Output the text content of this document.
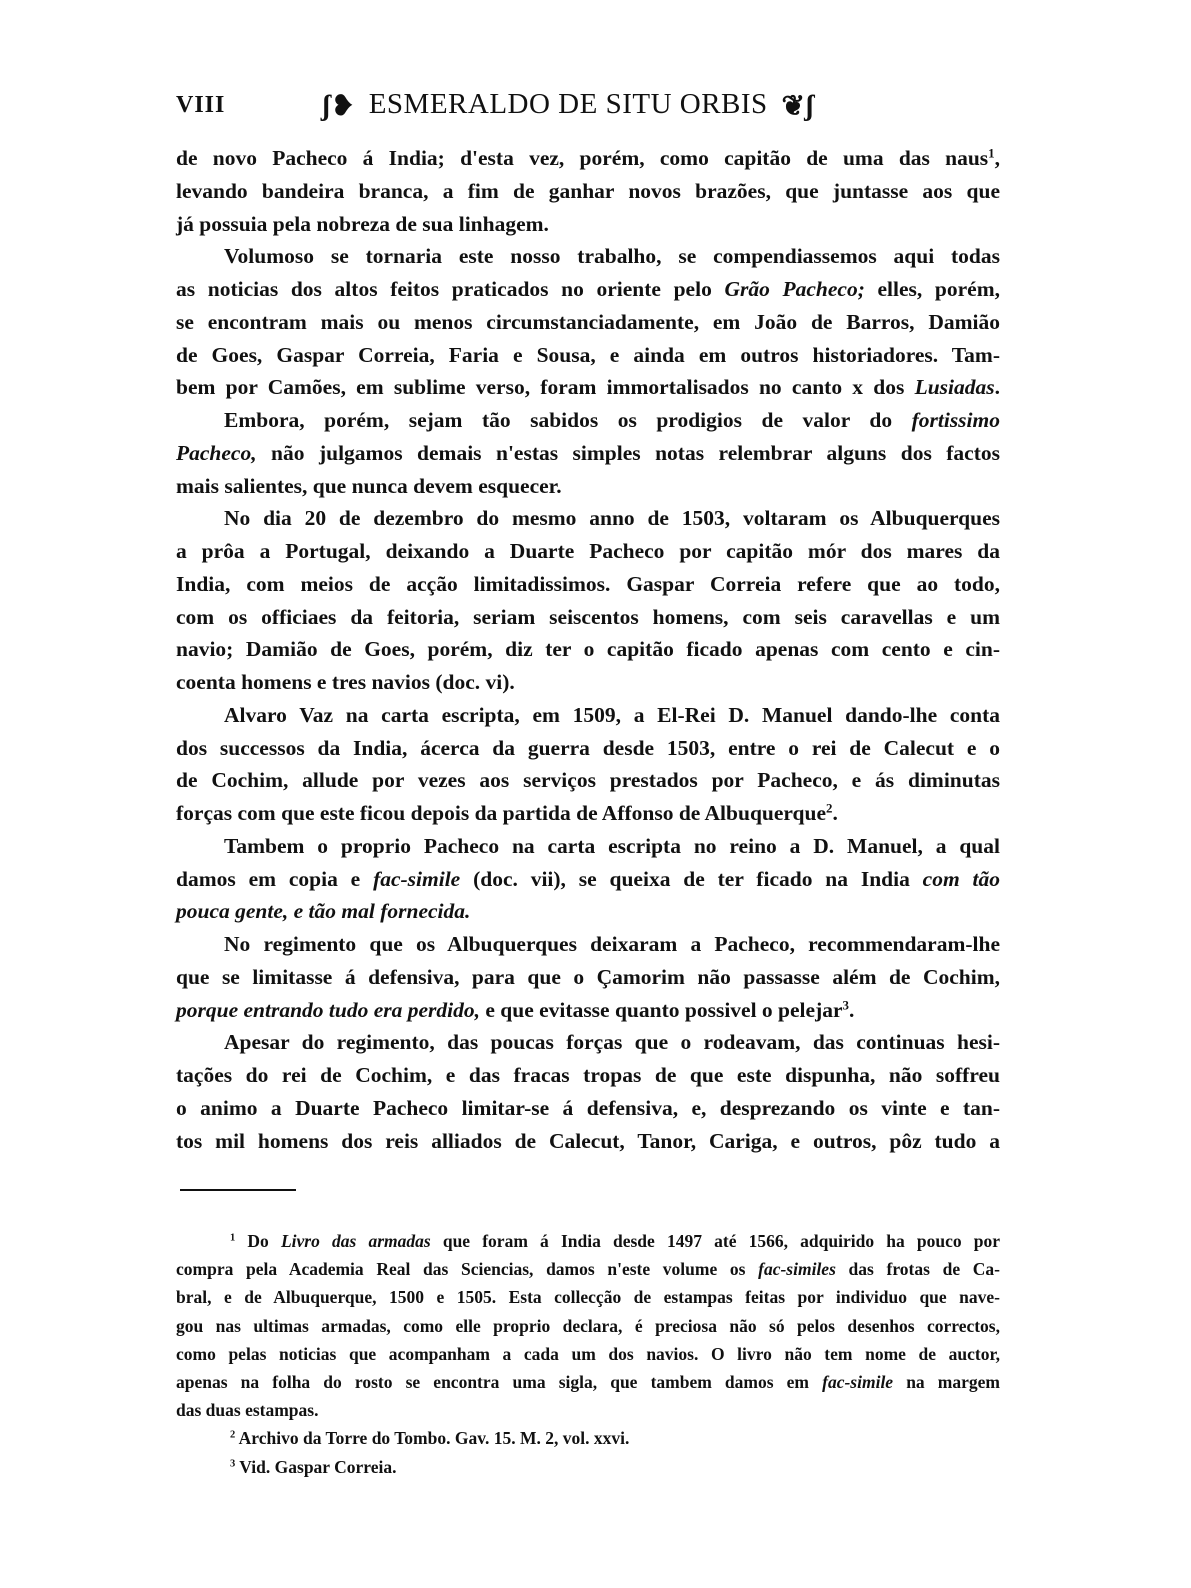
VIII	ʃ❥ ESMERALDO DE SITU ORBIS ❦ʃ
de novo Pacheco á India; d'esta vez, porém, como capitão de uma das naus$^1$,
levando bandeira branca, a fim de ganhar novos brazões, que juntasse aos que
já possuia pela nobreza de sua linhagem.
Volumoso se tornaria este nosso trabalho, se compendiassemos aqui todas
as noticias dos altos feitos praticados no oriente pelo Grão Pacheco; elles, porém,
se encontram mais ou menos circumstanciadamente, em João de Barros, Damião
de Goes, Gaspar Correia, Faria e Sousa, e ainda em outros historiadores. Tam-
bem por Camões, em sublime verso, foram immortalisados no canto x dos Lusiadas.
Embora, porém, sejam tão sabidos os prodigios de valor do fortissimo
Pacheco, não julgamos demais n'estas simples notas relembrar alguns dos factos
mais salientes, que nunca devem esquecer.
No dia 20 de dezembro do mesmo anno de 1503, voltaram os Albuquerques
a prôa a Portugal, deixando a Duarte Pacheco por capitão mór dos mares da
India, com meios de acção limitadissimos. Gaspar Correia refere que ao todo,
com os officiaes da feitoria, seriam seiscentos homens, com seis caravellas e um
navio; Damião de Goes, porém, diz ter o capitão ficado apenas com cento e cin-
coenta homens e tres navios (doc. vi).
Alvaro Vaz na carta escripta, em 1509, a El-Rei D. Manuel dando-lhe conta
dos successos da India, ácerca da guerra desde 1503, entre o rei de Calecut e o
de Cochim, allude por vezes aos serviços prestados por Pacheco, e ás diminutas
forças com que este ficou depois da partida de Affonso de Albuquerque$^2$.
Tambem o proprio Pacheco na carta escripta no reino a D. Manuel, a qual
damos em copia e fac-simile (doc. vii), se queixa de ter ficado na India com tão
pouca gente, e tão mal fornecida.
No regimento que os Albuquerques deixaram a Pacheco, recommendaram-lhe
que se limitasse á defensiva, para que o Çamorim não passasse além de Cochim,
porque entrando tudo era perdido, e que evitasse quanto possivel o pelejar$^3$.
Apesar do regimento, das poucas forças que o rodeavam, das continuas hesi-
tações do rei de Cochim, e das fracas tropas de que este dispunha, não soffreu
o animo a Duarte Pacheco limitar-se á defensiva, e, desprezando os vinte e tan-
tos mil homens dos reis alliados de Calecut, Tanor, Cariga, e outros, pôz tudo a
$^1$ Do Livro das armadas que foram á India desde 1497 até 1566, adquirido ha pouco por
compra pela Academia Real das Sciencias, damos n'este volume os fac-similes das frotas de Ca-
bral, e de Albuquerque, 1500 e 1505. Esta collecção de estampas feitas por individuo que nave-
gou nas ultimas armadas, como elle proprio declara, é preciosa não só pelos desenhos correctos,
como pelas noticias que acompanham a cada um dos navios. O livro não tem nome de auctor,
apenas na folha do rosto se encontra uma sigla, que tambem damos em fac-simile na margem
das duas estampas.
$^2$ Archivo da Torre do Tombo. Gav. 15. M. 2, vol. xxvi.
$^3$ Vid. Gaspar Correia.
